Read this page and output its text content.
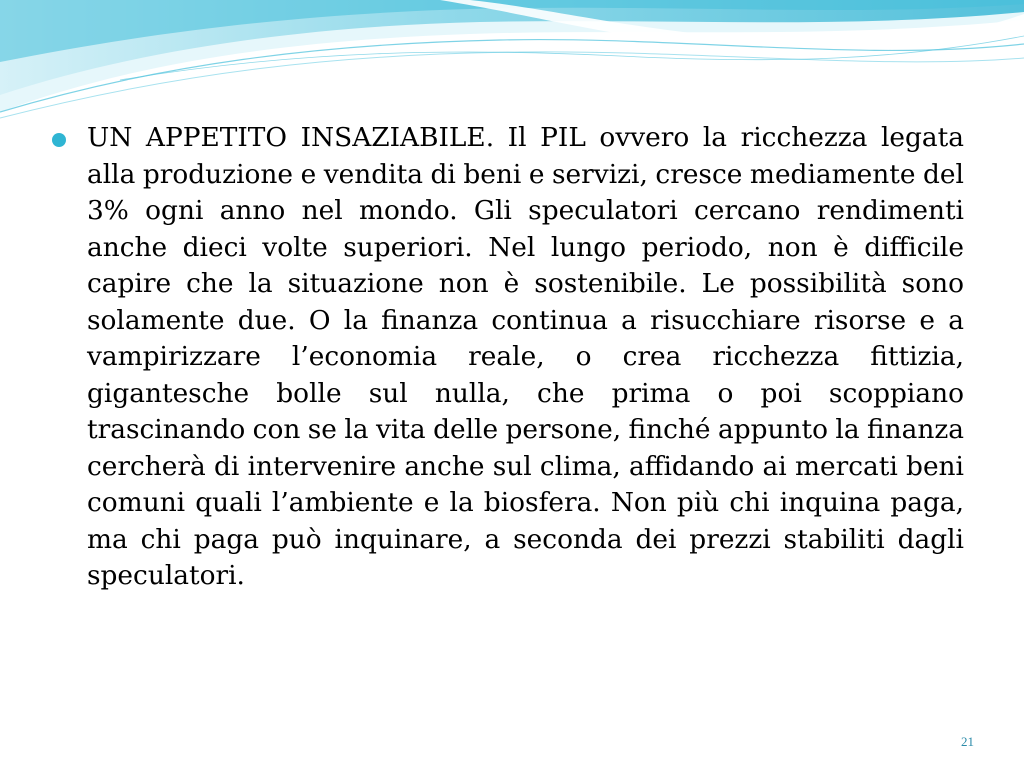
UN APPETITO INSAZIABILE. Il PIL ovvero la ricchezza legata alla produzione e vendita di beni e servizi, cresce mediamente del 3% ogni anno nel mondo. Gli speculatori cercano rendimenti anche dieci volte superiori. Nel lungo periodo, non è difficile capire che la situazione non è sostenibile. Le possibilità sono solamente due. O la finanza continua a risucchiare risorse e a vampirizzare l’economia reale, o crea ricchezza fittizia, gigantesche bolle sul nulla, che prima o poi scoppiano trascinando con se la vita delle persone, finché appunto la finanza cercherà di intervenire anche sul clima, affidando ai mercati beni comuni quali l’ambiente e la biosfera. Non più chi inquina paga, ma chi paga può inquinare, a seconda dei prezzi stabiliti dagli speculatori.

21
